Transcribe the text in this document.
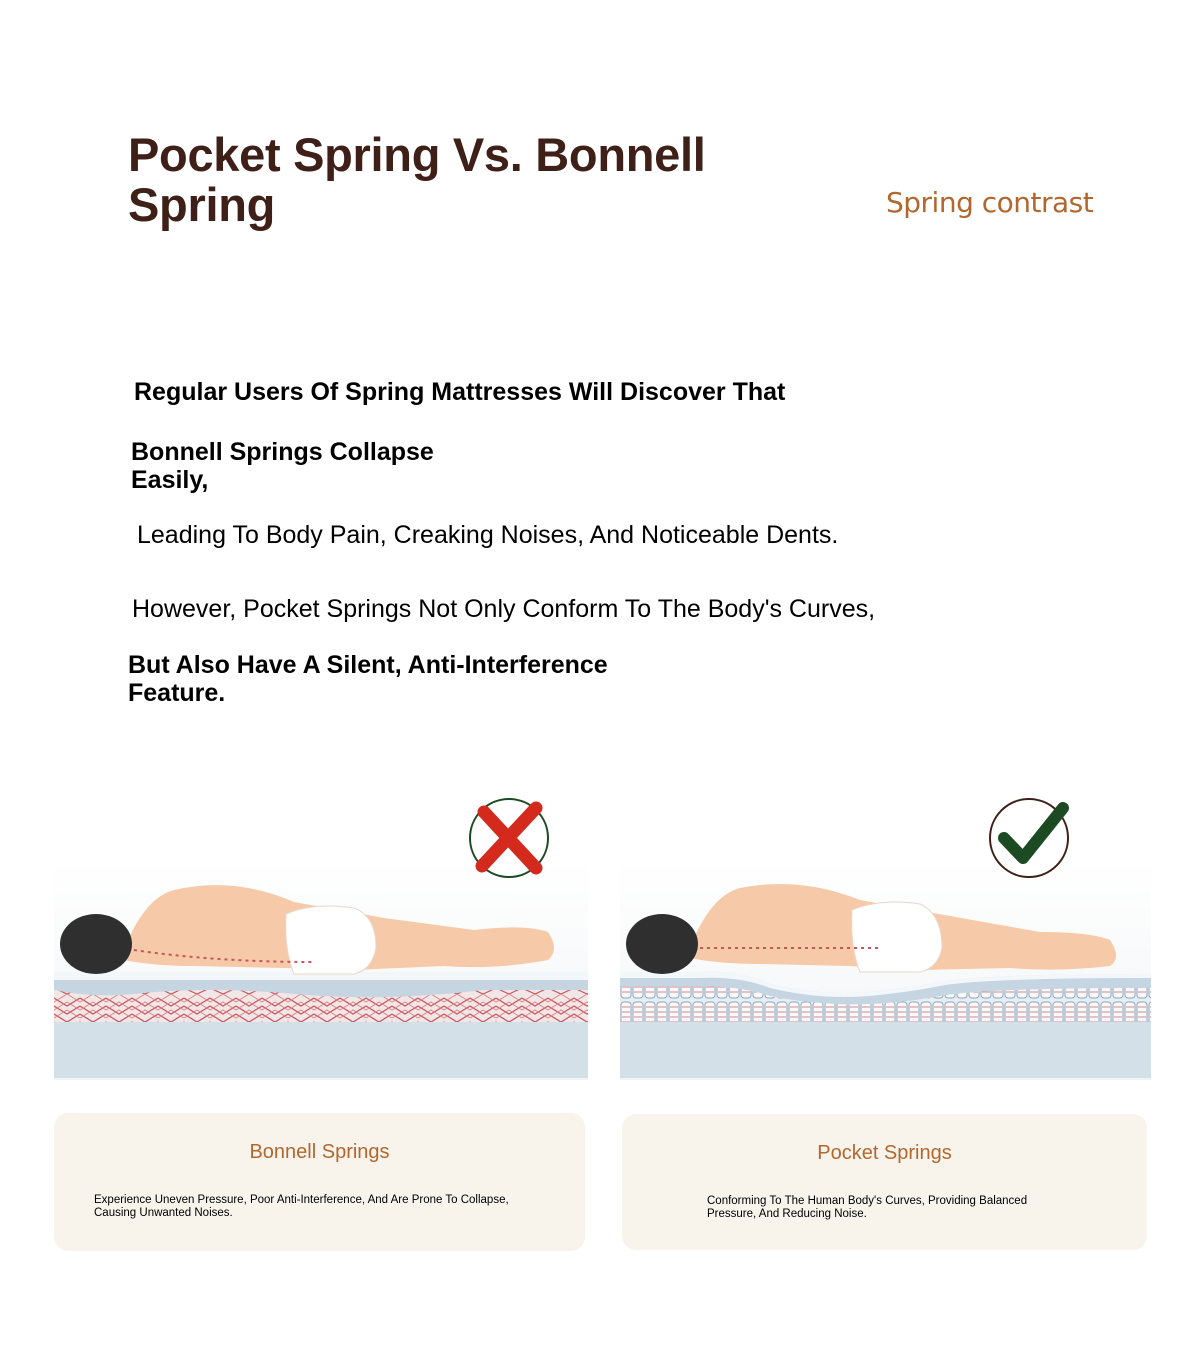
Pocket Spring Vs. Bonnell Spring	Spring contrast
Regular Users Of Spring Mattresses Will Discover That
Bonnell Springs Collapse Easily,
Leading To Body Pain, Creaking Noises, And Noticeable Dents.
However, Pocket Springs Not Only Conform To The Body's Curves,
But Also Have A Silent, Anti-Interference Feature.
Bonnell Springs
Experience Uneven Pressure, Poor Anti-Interference, And Are Prone To Collapse, Causing Unwanted Noises.
Pocket Springs
Conforming To The Human Body's Curves, Providing Balanced Pressure, And Reducing Noise.
